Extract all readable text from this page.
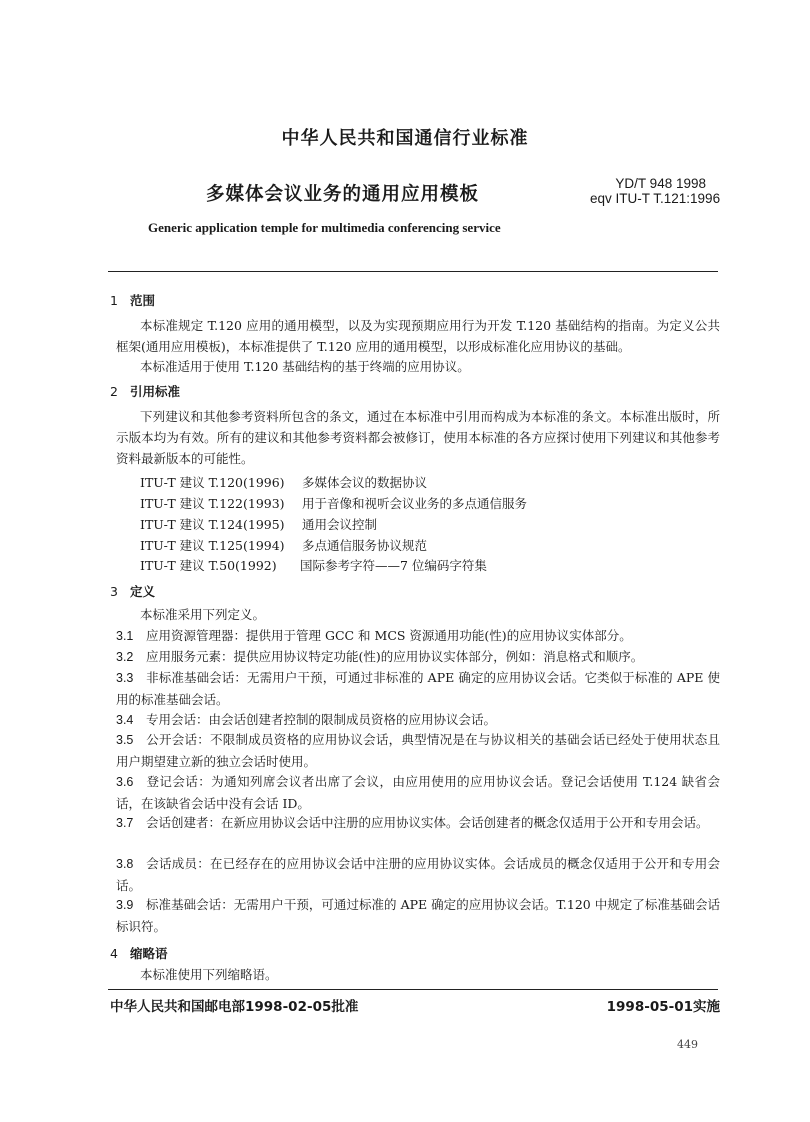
中华人民共和国通信行业标准
多媒体会议业务的通用应用模板
YD/T 948 1998
eqv ITU-T T.121:1996
Generic application temple for multimedia conferencing service
1 范围
本标准规定 T.120 应用的通用模型，以及为实现预期应用行为开发 T.120 基础结构的指南。为定义公共框架(通用应用模板)，本标准提供了 T.120 应用的通用模型，以形成标准化应用协议的基础。
本标准适用于使用 T.120 基础结构的基于终端的应用协议。
2 引用标准
下列建议和其他参考资料所包含的条文，通过在本标准中引用而构成为本标准的条文。本标准出版时，所示版本均为有效。所有的建议和其他参考资料都会被修订，使用本标准的各方应探讨使用下列建议和其他参考资料最新版本的可能性。
ITU-T 建议 T.120(1996) 多媒体会议的数据协议
ITU-T 建议 T.122(1993) 用于音像和视听会议业务的多点通信服务
ITU-T 建议 T.124(1995) 通用会议控制
ITU-T 建议 T.125(1994) 多点通信服务协议规范
ITU-T 建议 T.50(1992) 国际参考字符——7 位编码字符集
3 定义
本标准采用下列定义。
3.1 应用资源管理器：提供用于管理 GCC 和 MCS 资源通用功能(性)的应用协议实体部分。
3.2 应用服务元素：提供应用协议特定功能(性)的应用协议实体部分，例如：消息格式和顺序。
3.3 非标准基础会话：无需用户干预，可通过非标准的 APE 确定的应用协议会话。它类似于标准的 APE 使用的标准基础会话。
3.4 专用会话：由会话创建者控制的限制成员资格的应用协议会话。
3.5 公开会话：不限制成员资格的应用协议会话，典型情况是在与协议相关的基础会话已经处于使用状态且用户期望建立新的独立会话时使用。
3.6 登记会话：为通知列席会议者出席了会议，由应用使用的应用协议会话。登记会话使用 T.124 缺省会话，在该缺省会话中没有会话 ID。
3.7 会话创建者：在新应用协议会话中注册的应用协议实体。会话创建者的概念仅适用于公开和专用会话。
3.8 会话成员：在已经存在的应用协议会话中注册的应用协议实体。会话成员的概念仅适用于公开和专用会话。
3.9 标准基础会话：无需用户干预，可通过标准的 APE 确定的应用协议会话。T.120 中规定了标准基础会话标识符。
4 缩略语
本标准使用下列缩略语。
中华人民共和国邮电部1998-02-05批准	1998-05-01实施
449
